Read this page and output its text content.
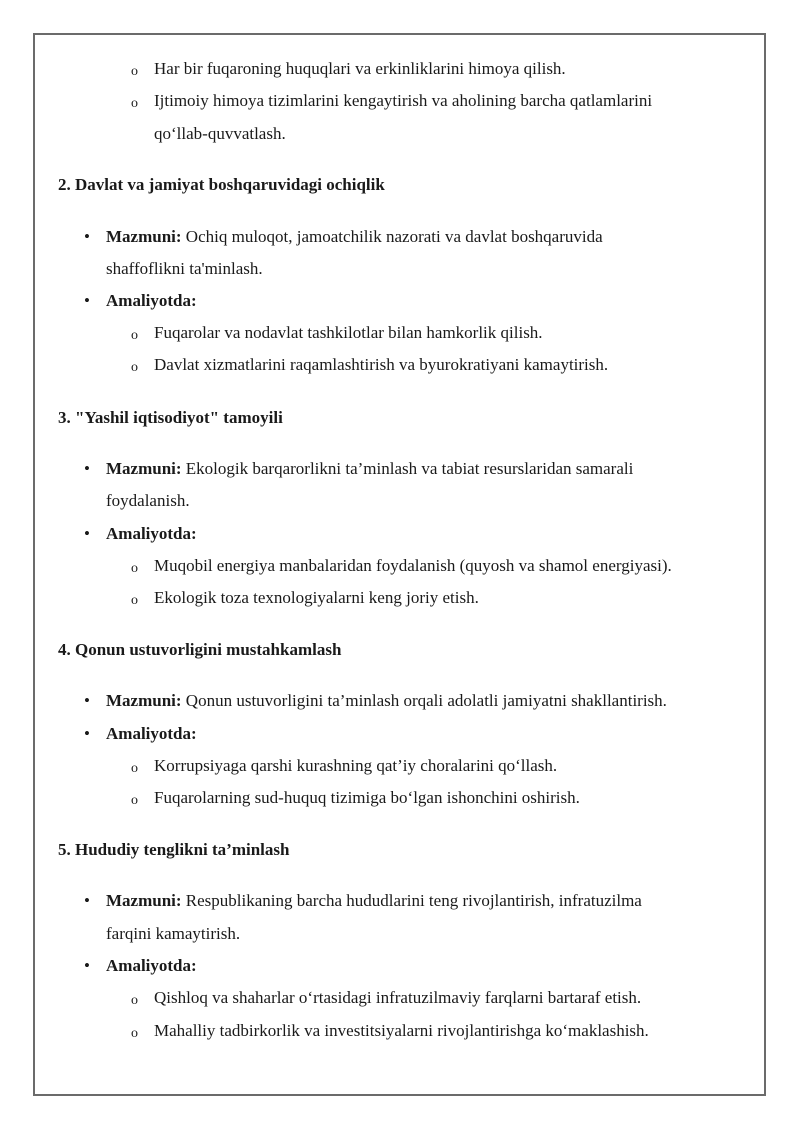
o Har bir fuqaroning huquqlari va erkinliklarini himoya qilish.
o Ijtimoiy himoya tizimlarini kengaytirish va aholining barcha qatlamlarini
qo‘llab-quvvatlash.
2. Davlat va jamiyat boshqaruvidagi ochiqlik
• Mazmuni: Ochiq muloqot, jamoatchilik nazorati va davlat boshqaruvida
shaffoflikni ta'minlash.
• Amaliyotda:
o Fuqarolar va nodavlat tashkilotlar bilan hamkorlik qilish.
o Davlat xizmatlarini raqamlashtirish va byurokratiyani kamaytirish.
3. "Yashil iqtisodiyot" tamoyili
• Mazmuni: Ekologik barqarorlikni ta’minlash va tabiat resurslaridan samarali
foydalanish.
• Amaliyotda:
o Muqobil energiya manbalaridan foydalanish (quyosh va shamol energiyasi).
o Ekologik toza texnologiyalarni keng joriy etish.
4. Qonun ustuvorligini mustahkamlash
• Mazmuni: Qonun ustuvorligini ta’minlash orqali adolatli jamiyatni shakllantirish.
• Amaliyotda:
o Korrupsiyaga qarshi kurashning qat’iy choralarini qo‘llash.
o Fuqarolarning sud-huquq tizimiga bo‘lgan ishonchini oshirish.
5. Hududiy tenglikni ta’minlash
• Mazmuni: Respublikaning barcha hududlarini teng rivojlantirish, infratuzilma
farqini kamaytirish.
• Amaliyotda:
o Qishloq va shaharlar o‘rtasidagi infratuzilmaviy farqlarni bartaraf etish.
o Mahalliy tadbirkorlik va investitsiyalarni rivojlantirishga ko‘maklashish.
